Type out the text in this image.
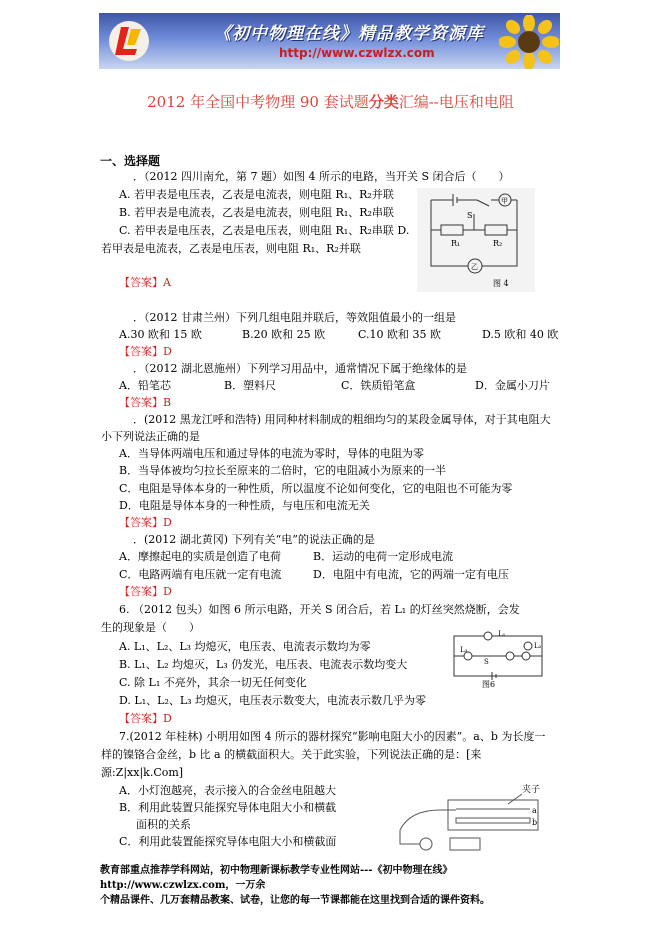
《初中物理在线》精品教学资源库
http://www.czwlzx.com
2012 年全国中考物理 90 套试题分类汇编--电压和电阻
一、选择题
．（2012 四川南允，第 7 题）如图 4 所示的电路，当开关 S 闭合后（　　）
A. 若甲表是电压表，乙表是电流表，则电阻 R₁、R₂并联
B. 若甲表是电流表，乙表是电流表，则电阻 R₁、R₂串联
C. 若甲表是电压表，乙表是电压表，则电阻 R₁、R₂串联 D.
若甲表是电流表，乙表是电压表，则电阻 R₁、R₂并联
【答案】A
R₁	R₂
S
甲
乙
图 4
．（2012 甘肃兰州）下列几组电阻并联后，等效阻值最小的一组是
A.30 欧和 15 欧	B.20 欧和 25 欧	C.10 欧和 35 欧	D.5 欧和 40 欧
【答案】D
．（2012 湖北恩施州）下列学习用品中，通常情况下属于绝缘体的是
A．铅笔芯	B．塑料尺	C．铁质铅笔盒	D．金属小刀片
【答案】B
．(2012 黑龙江呼和浩特) 用同种材料制成的粗细均匀的某段金属导体，对于其电阻大
小下列说法正确的是
A．当导体两端电压和通过导体的电流为零时，导体的电阻为零
B．当导体被均匀拉长至原来的二倍时，它的电阻减小为原来的一半
C．电阻是导体本身的一种性质，所以温度不论如何变化，它的电阻也不可能为零
D．电阻是导体本身的一种性质，与电压和电流无关
【答案】D
．(2012 湖北黄冈) 下列有关“电”的说法正确的是
A．摩擦起电的实质是创造了电荷	B．运动的电荷一定形成电流
C．电路两端有电压就一定有电流	D．电阻中有电流，它的两端一定有电压
【答案】D
6. （2012 包头）如图 6 所示电路，开关 S 闭合后，若 L₁ 的灯丝突然烧断，会发
生的现象是（　　）
A. L₁、L₂、L₃ 均熄灭，电压表、电流表示数均为零
B. L₁、L₂ 均熄灭，L₃ 仍发光，电压表、电流表示数均变大
C. 除 L₁ 不亮外，其余一切无任何变化
D. L₁、L₂、L₃ 均熄灭，电压表示数变大，电流表示数几乎为零
【答案】D
L₁
L₂
L₃
S
图6
7.(2012 年桂林) 小明用如图 4 所示的器材探究“影响电阻大小的因素”。a、b 为长度一
样的镍铬合金丝，b 比 a 的横截面积大。关于此实验，下列说法正确的是：[来
源:Z|xx|k.Com]
A．小灯泡越亮，表示接入的合金丝电阻越大
B．利用此装置只能探究导体电阻大小和横截
面积的关系
C．利用此装置能探究导体电阻大小和横截面
a
b
夹子
教育部重点推荐学科网站，初中物理新课标教学专业性网站---《初中物理在线》http://www.czwlzx.com，一万余
个精品课件、几万套精品教案、试卷，让您的每一节课都能在这里找到合适的课件资料。
